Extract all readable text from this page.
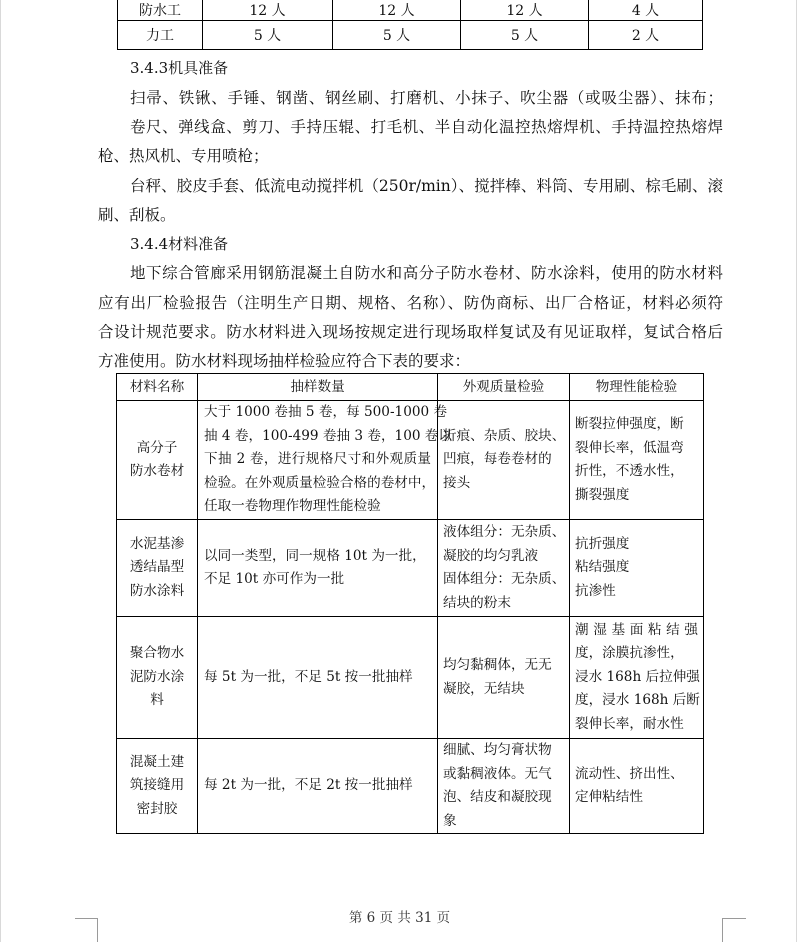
防水工	12 人	12 人	12 人	4 人
力工	5 人	5 人	5 人	2 人
3.4.3机具准备
扫帚、铁锹、手锤、钢凿、钢丝刷、打磨机、小抹子、吹尘器（或吸尘器）、抹布；
卷尺、弹线盒、剪刀、手持压辊、打毛机、半自动化温控热熔焊机、手持温控热熔焊
枪、热风机、专用喷枪；
台秤、胶皮手套、低流电动搅拌机（250r/min）、搅拌棒、料筒、专用刷、棕毛刷、滚
刷、刮板。
3.4.4材料准备
地下综合管廊采用钢筋混凝土自防水和高分子防水卷材、防水涂料，使用的防水材料
应有出厂检验报告（注明生产日期、规格、名称）、防伪商标、出厂合格证，材料必须符
合设计规范要求。防水材料进入现场按规定进行现场取样复试及有见证取样，复试合格后
方准使用。防水材料现场抽样检验应符合下表的要求：
材料名称	抽样数量	外观质量检验	物理性能检验

高分子
防水卷材	大于 1000 卷抽 5 卷，每 500-1000 卷
抽 4 卷，100-499 卷抽 3 卷，100 卷以
下抽 2 卷，进行规格尺寸和外观质量
检验。在外观质量检验合格的卷材中，
任取一卷物理作物理性能检验	折痕、杂质、胶块、
凹痕，每卷卷材的
接头	断裂拉伸强度，断
裂伸长率，低温弯
折性，不透水性，
撕裂强度

水泥基渗
透结晶型
防水涂料	以同一类型，同一规格 10t 为一批，
不足 10t 亦可作为一批	液体组分：无杂质、
凝胶的均匀乳液
固体组分：无杂质、
结块的粉末	抗折强度
粘结强度
抗渗性

聚合物水
泥防水涂
料	每 5t 为一批，不足 5t 按一批抽样	均匀黏稠体，无无
凝胶，无结块	潮湿基面粘结强
度，涂膜抗渗性，
浸水 168h 后拉伸强
度，浸水 168h 后断
裂伸长率，耐水性

混凝土建
筑接缝用
密封胶	每 2t 为一批，不足 2t 按一批抽样	细腻、均匀膏状物
或黏稠液体。无气
泡、结皮和凝胶现
象	流动性、挤出性、
定伸粘结性
第 6 页 共 31 页
